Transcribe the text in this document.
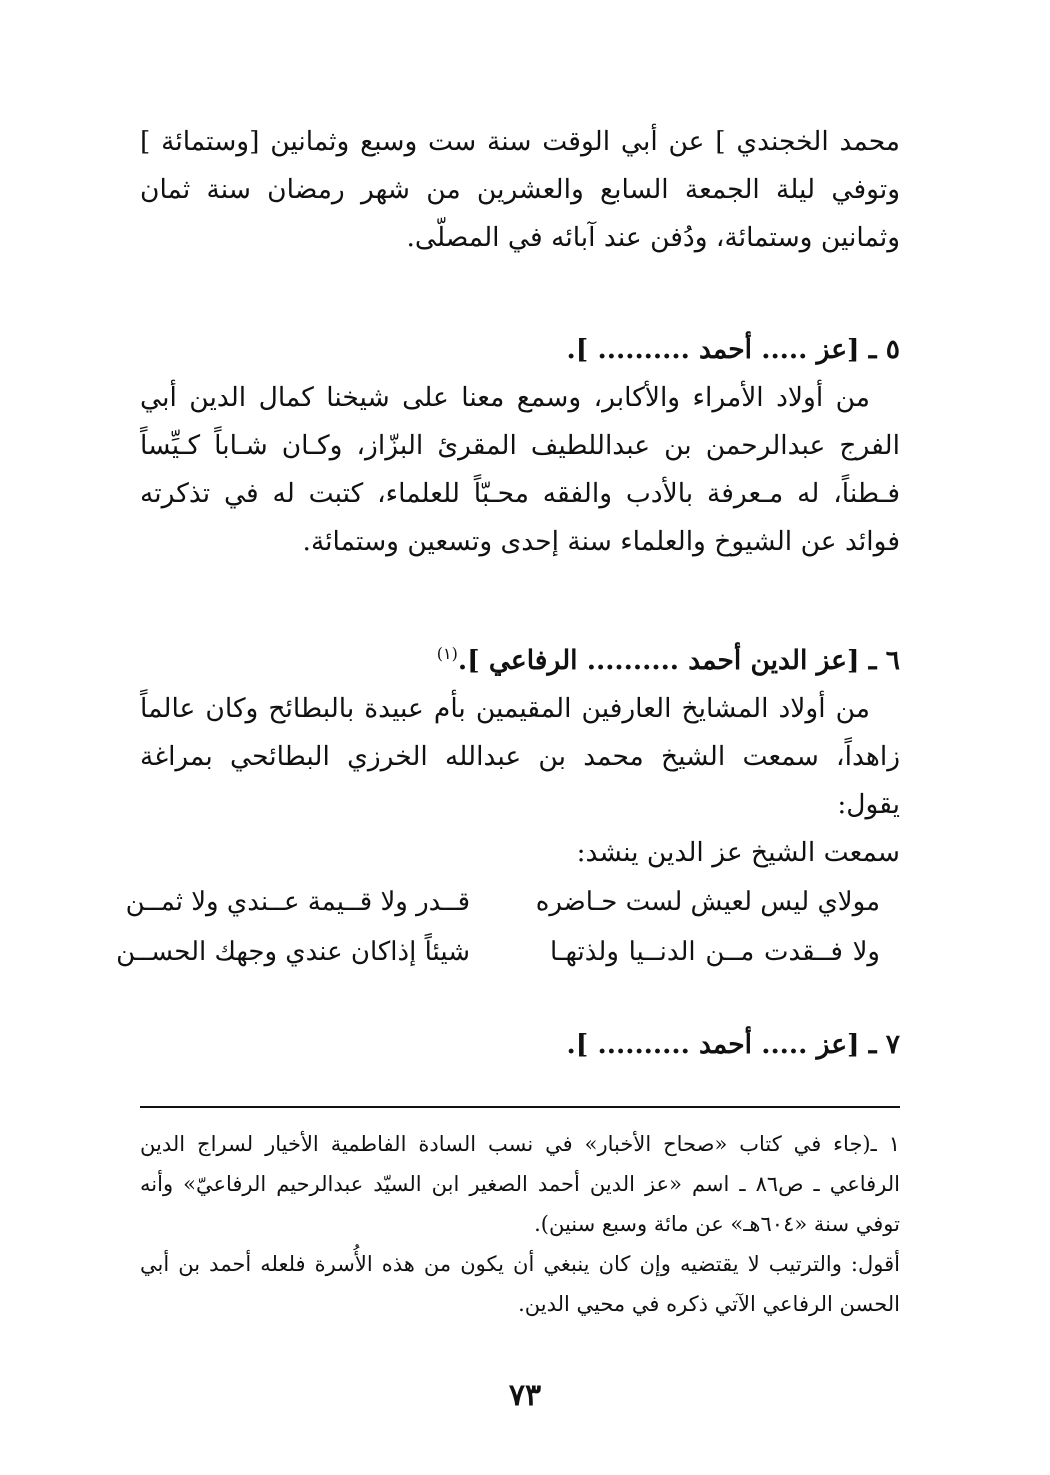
محمد الخجندي ] عن أبي الوقت سنة ست وسبع وثمانين [وستمائة ] وتوفي ليلة الجمعة السابع والعشرين من شهر رمضان سنة ثمان وثمانين وستمائة، ودُفن عند آبائه في المصلّى.

٥ ـ [عز ..... أحمد .......... ].

من أولاد الأمراء والأكابر، وسمع معنا على شيخنا كمال الدين أبي الفرج عبدالرحمن بن عبداللطيف المقرئ البزّاز، وكـان شـاباً كـيِّساً فـطناً، له مـعرفة بالأدب والفقه محـبّاً للعلماء، كتبت له في تذكرته فوائد عن الشيوخ والعلماء سنة إحدى وتسعين وستمائة.

٦ ـ [عز الدين أحمد .......... الرفاعي ].$^{(١)}$

من أولاد المشايخ العارفين المقيمين بأم عبيدة بالبطائح وكان عالماً زاهداً، سمعت الشيخ محمد بن عبدالله الخرزي البطائحي بمراغة يقول:

سمعت الشيخ عز الدين ينشد:

مولاي ليس لعيش لست حـاضره
قــدر ولا قــيمة عــندي ولا ثمــن
ولا فــقدت مــن الدنــيا ولذتهـا
شيئاً إذاكان عندي وجهك الحســن

٧ ـ [عز ..... أحمد .......... ].

١ ـ(جاء في كتاب «صحاح الأخبار» في نسب السادة الفاطمية الأخيار لسراج الدين الرفاعي ـ ص٨٦ ـ اسم «عز الدين أحمد الصغير ابن السيّد عبدالرحيم الرفاعيّ» وأنه توفي سنة «٦٠٤هـ» عن مائة وسبع سنين).

أقول: والترتيب لا يقتضيه وإن كان ينبغي أن يكون من هذه الأُسرة فلعله أحمد بن أبي الحسن الرفاعي الآتي ذكره في محيي الدين.

٧٣
